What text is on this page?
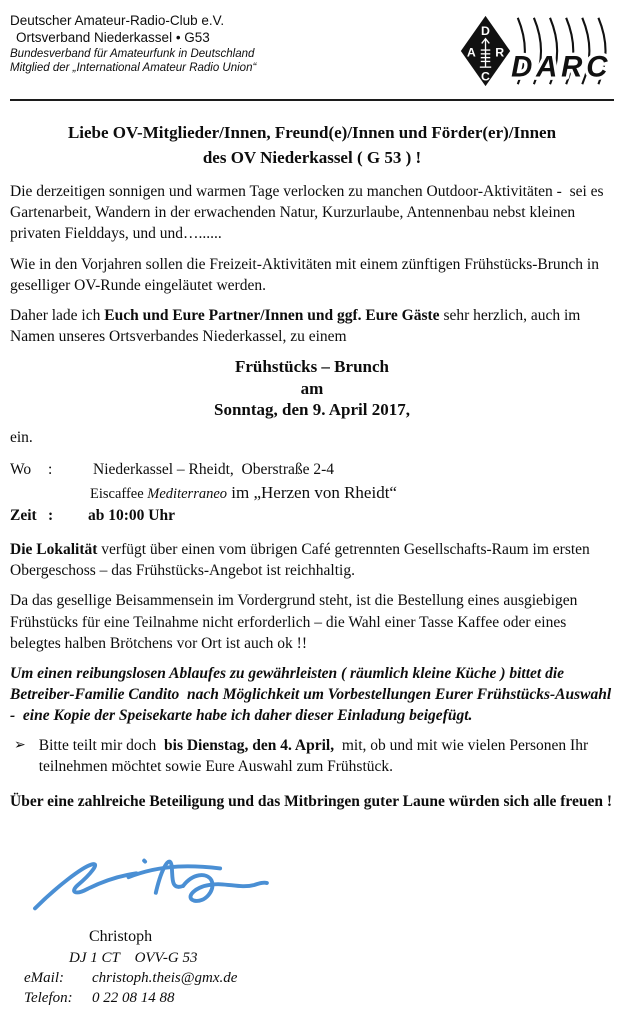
Deutscher Amateur-Radio-Club e.V.
Ortsverband Niederkassel • G53
Bundesverband für Amateurfunk in Deutschland
Mitglied der „International Amateur Radio Union“
D
A R
C DARC
Liebe OV-Mitglieder/Innen, Freund(e)/Innen und Förder(er)/Innen
des OV Niederkassel ( G 53 ) !

Die derzeitigen sonnigen und warmen Tage verlocken zu manchen Outdoor-Aktivitäten -  sei es Gartenarbeit, Wandern in der erwachenden Natur, Kurzurlaube, Antennenbau nebst kleinen privaten Fielddays, und und…......

Wie in den Vorjahren sollen die Freizeit-Aktivitäten mit einem zünftigen Frühstücks-Brunch in geselliger OV-Runde eingeläutet werden.

Daher lade ich Euch und Eure Partner/Innen und ggf. Eure Gäste sehr herzlich, auch im Namen unseres Ortsverbandes Niederkassel, zu einem

Frühstücks – Brunch
am
Sonntag, den 9. April 2017,

ein.

Wo	:	Niederkassel – Rheidt,  Oberstraße 2-4
Eiscaffee Mediterraneo im „Herzen von Rheidt“
Zeit :	ab 10:00 Uhr

Die Lokalität verfügt über einen vom übrigen Café getrennten Gesellschafts-Raum im ersten Obergeschoss – das Frühstücks-Angebot ist reichhaltig.

Da das gesellige Beisammensein im Vordergrund steht, ist die Bestellung eines ausgiebigen Frühstücks für eine Teilnahme nicht erforderlich – die Wahl einer Tasse Kaffee oder eines belegtes halben Brötchens vor Ort ist auch ok !!

Um einen reibungslosen Ablaufes zu gewährleisten ( räumlich kleine Küche ) bittet die Betreiber-Familie Candito  nach Möglichkeit um Vorbestellungen Eurer Frühstücks-Auswahl  -  eine Kopie der Speisekarte habe ich daher dieser Einladung beigefügt.

➢ Bitte teilt mir doch  bis Dienstag, den 4. April,  mit, ob und mit wie vielen Personen Ihr teilnehmen möchtet sowie Eure Auswahl zum Frühstück.

Über eine zahlreiche Beteiligung und das Mitbringen guter Laune würden sich alle freuen !

Christoph
DJ 1 CT    OVV-G 53
eMail: christoph.theis@gmx.de
Telefon: 0 22 08 14 88
